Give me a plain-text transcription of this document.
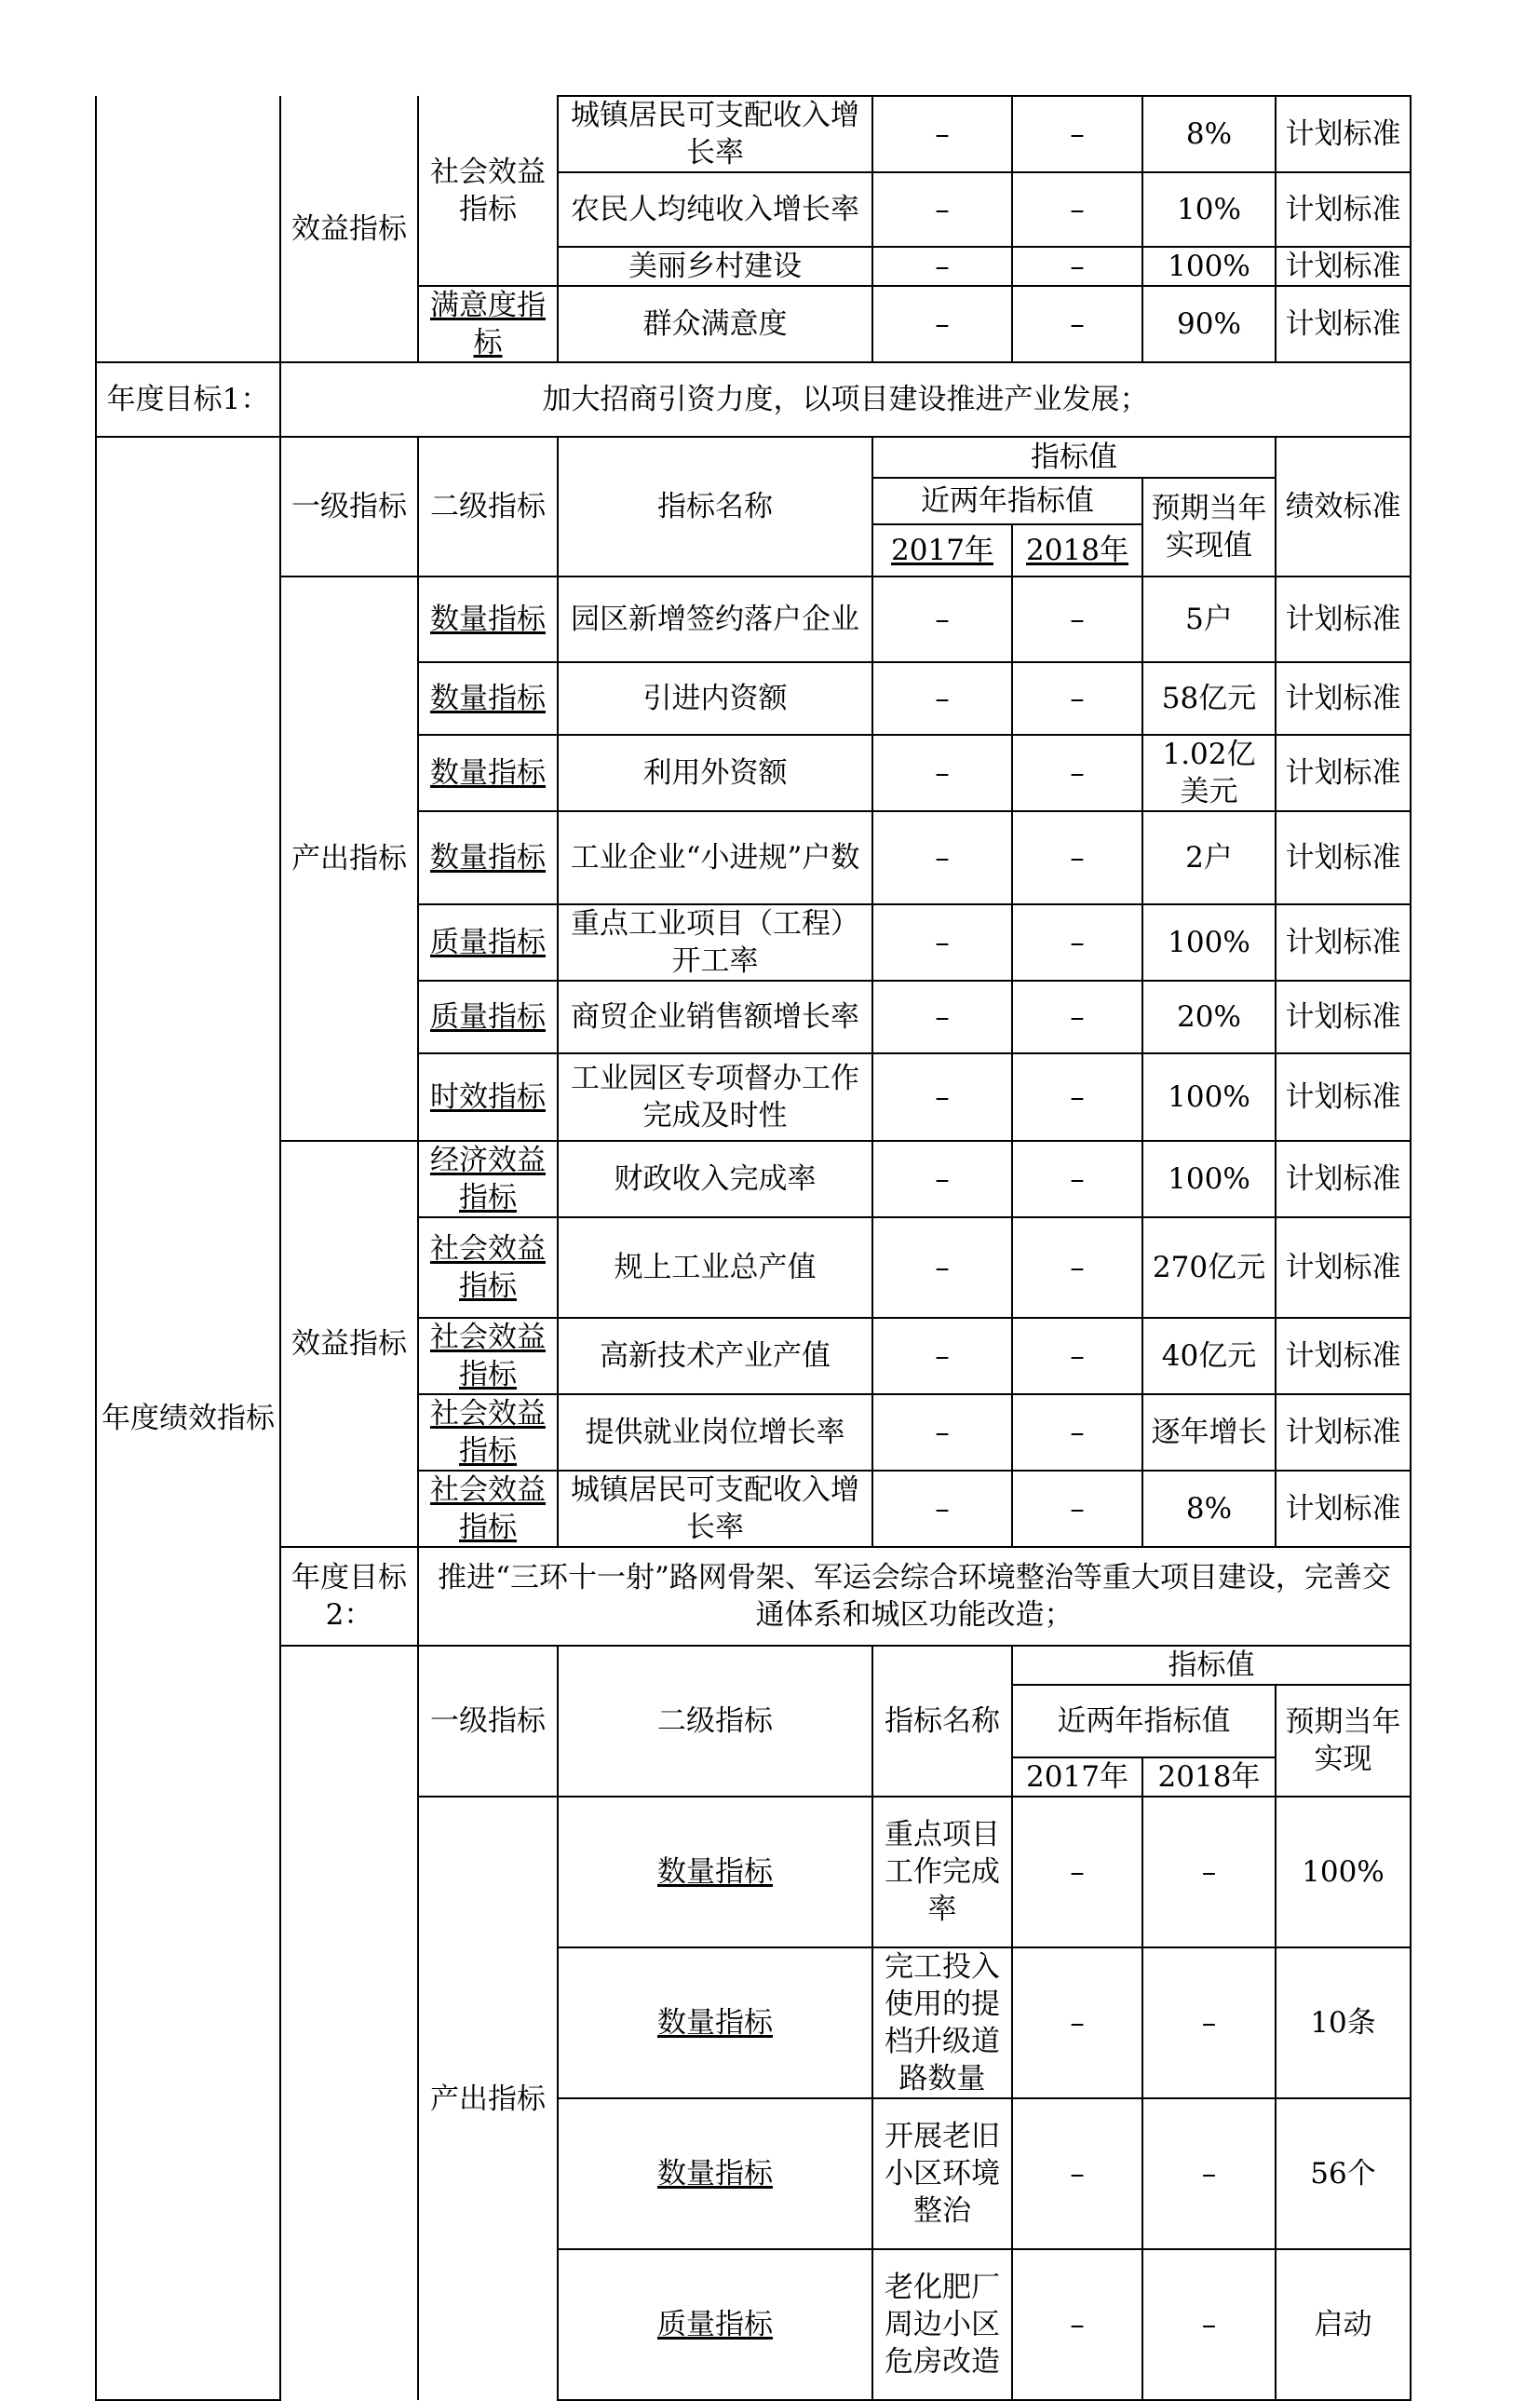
	效益指标	社会效益指标	城镇居民可支配收入增长率	–	–	8%	计划标准	
			农民人均纯收入增长率	–	–	10%	计划标准	
			美丽乡村建设	–	–	100%	计划标准	
		满意度指标	群众满意度	–	–	90%	计划标准	
年度目标1：	加大招商引资力度，以项目建设推进产业发展；							
年度绩效指标	一级指标	二级指标	指标名称	指标值			绩效标准	
				近两年指标值		预期当年实现值		
				2017年	2018年			
	产出指标	数量指标	园区新增签约落户企业	–	–	5户	计划标准	
		数量指标	引进内资额	–	–	58亿元	计划标准	
		数量指标	利用外资额	–	–	1.02亿美元	计划标准	
		数量指标	工业企业“小进规”户数	–	–	2户	计划标准	
		质量指标	重点工业项目（工程）开工率	–	–	100%	计划标准	
		质量指标	商贸企业销售额增长率	–	–	20%	计划标准	
		时效指标	工业园区专项督办工作完成及时性	–	–	100%	计划标准	
	效益指标	经济效益指标	财政收入完成率	–	–	100%	计划标准	
		社会效益指标	规上工业总产值	–	–	270亿元	计划标准	
		社会效益指标	高新技术产业产值	–	–	40亿元	计划标准	
		社会效益指标	提供就业岗位增长率	–	–	逐年增长	计划标准	
		社会效益指标	城镇居民可支配收入增长率	–	–	8%	计划标准	
	年度目标2：	推进“三环十一射”路网骨架、军运会综合环境整治等重大项目建设，完善交通体系和城区功能改造；						
		一级指标	二级指标	指标名称	指标值	
					近两年指标值		预期当年实现	
					2017年	2018年		
		产出指标	数量指标	重点项目工作完成率	–	–	100%	
			数量指标	完工投入使用的提档升级道路数量	–	–	10条	
			数量指标	开展老旧小区环境整治	–	–	56个	
			质量指标	老化肥厂周边小区危房改造	–	–	启动	
